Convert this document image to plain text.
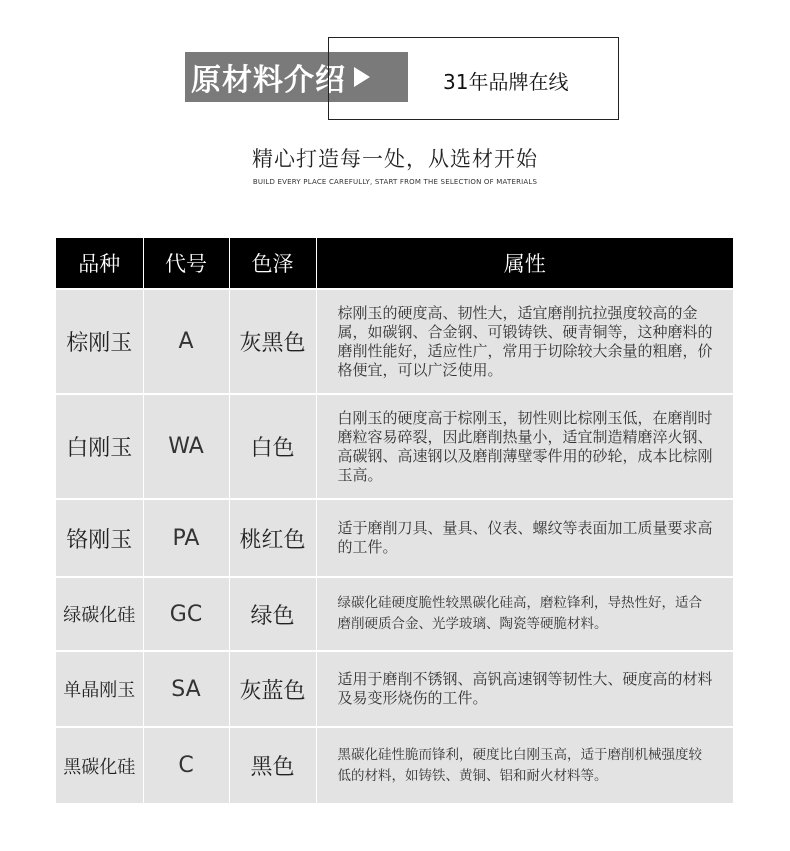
原材料介绍	31年品牌在线
精心打造每一处，从选材开始
BUILD EVERY PLACE CAREFULLY, START FROM THE SELECTION OF MATERIALS
品种	代号	色泽	属性
棕刚玉	A	灰黑色	棕刚玉的硬度高、韧性大，适宜磨削抗拉强度较高的金属，如碳钢、合金钢、可锻铸铁、硬青铜等，这种磨料的磨削性能好，适应性广，常用于切除较大余量的粗磨，价格便宜，可以广泛使用。
白刚玉	WA	白色	白刚玉的硬度高于棕刚玉，韧性则比棕刚玉低，在磨削时磨粒容易碎裂，因此磨削热量小，适宜制造精磨淬火钢、高碳钢、高速钢以及磨削薄壁零件用的砂轮，成本比棕刚玉高。
铬刚玉	PA	桃红色	适于磨削刀具、量具、仪表、螺纹等表面加工质量要求高的工件。
绿碳化硅	GC	绿色	绿碳化硅硬度脆性较黑碳化硅高，磨粒锋利，导热性好，适合磨削硬质合金、光学玻璃、陶瓷等硬脆材料。
单晶刚玉	SA	灰蓝色	适用于磨削不锈钢、高钒高速钢等韧性大、硬度高的材料及易变形烧伤的工件。
黑碳化硅	C	黑色	黑碳化硅性脆而锋利，硬度比白刚玉高，适于磨削机械强度较低的材料，如铸铁、黄铜、铝和耐火材料等。
